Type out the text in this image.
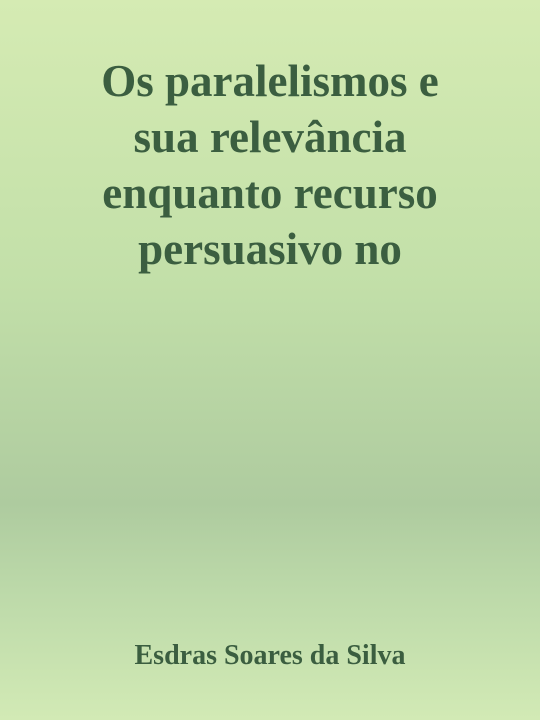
Os paralelismos e
sua relevância
enquanto recurso
persuasivo no

Esdras Soares da Silva
